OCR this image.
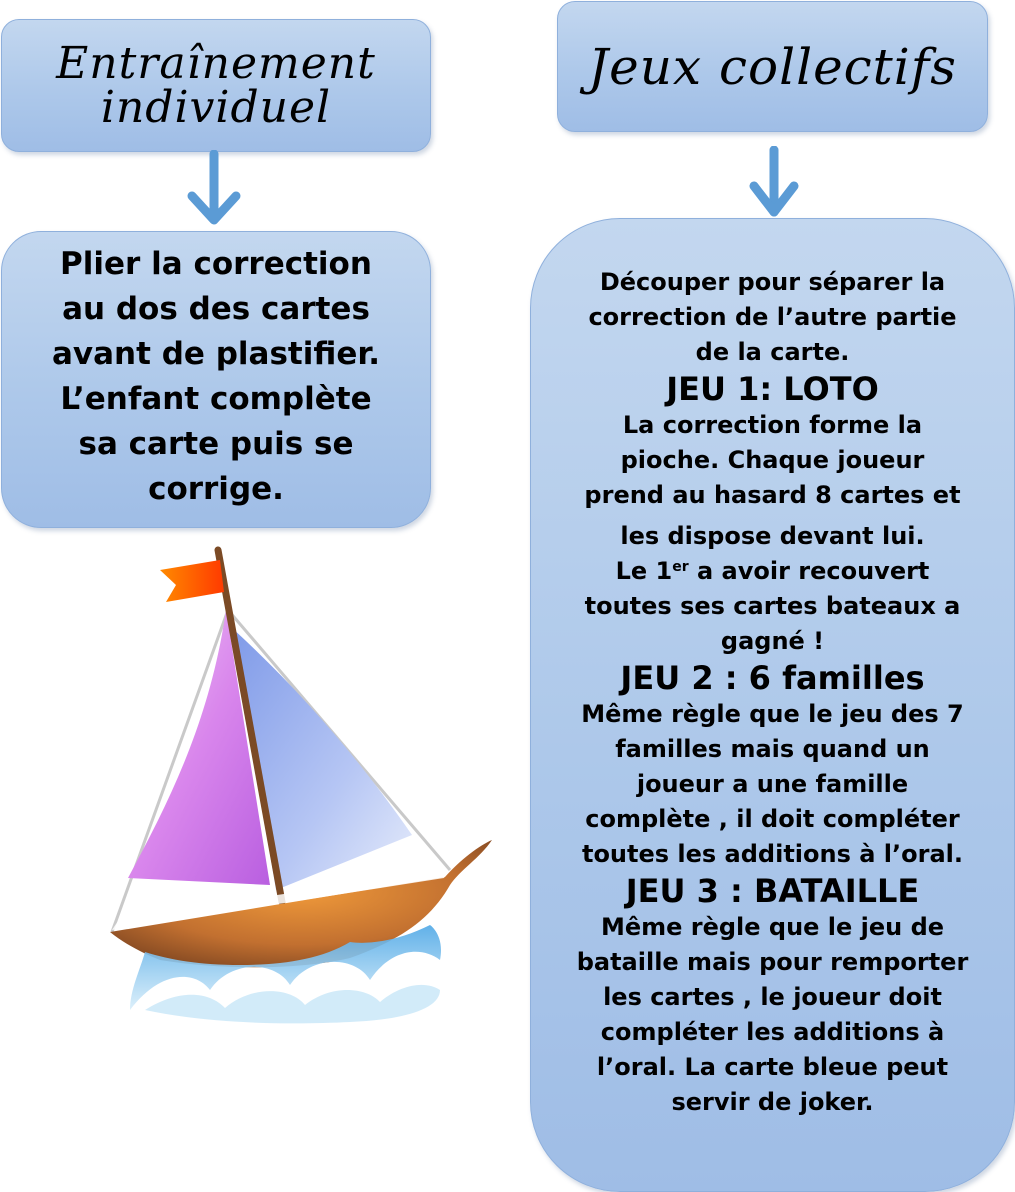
Entraînement
individuel
Plier la correction
au dos des cartes
avant de plastifier.
L’enfant complète
sa carte puis se
corrige.
Jeux collectifs
Découper pour séparer la
correction de l’autre partie
de la carte.
JEU 1: LOTO
La correction forme la
pioche. Chaque joueur
prend au hasard 8 cartes et
les dispose devant lui.
Le 1er a avoir recouvert
toutes ses cartes bateaux a
gagné !
JEU 2 : 6 familles
Même règle que le jeu des 7
familles mais quand un
joueur a une famille
complète , il doit compléter
toutes les additions à l’oral.
JEU 3 : BATAILLE
Même règle que le jeu de
bataille mais pour remporter
les cartes , le joueur doit
compléter les additions à
l’oral. La carte bleue peut
servir de joker.
